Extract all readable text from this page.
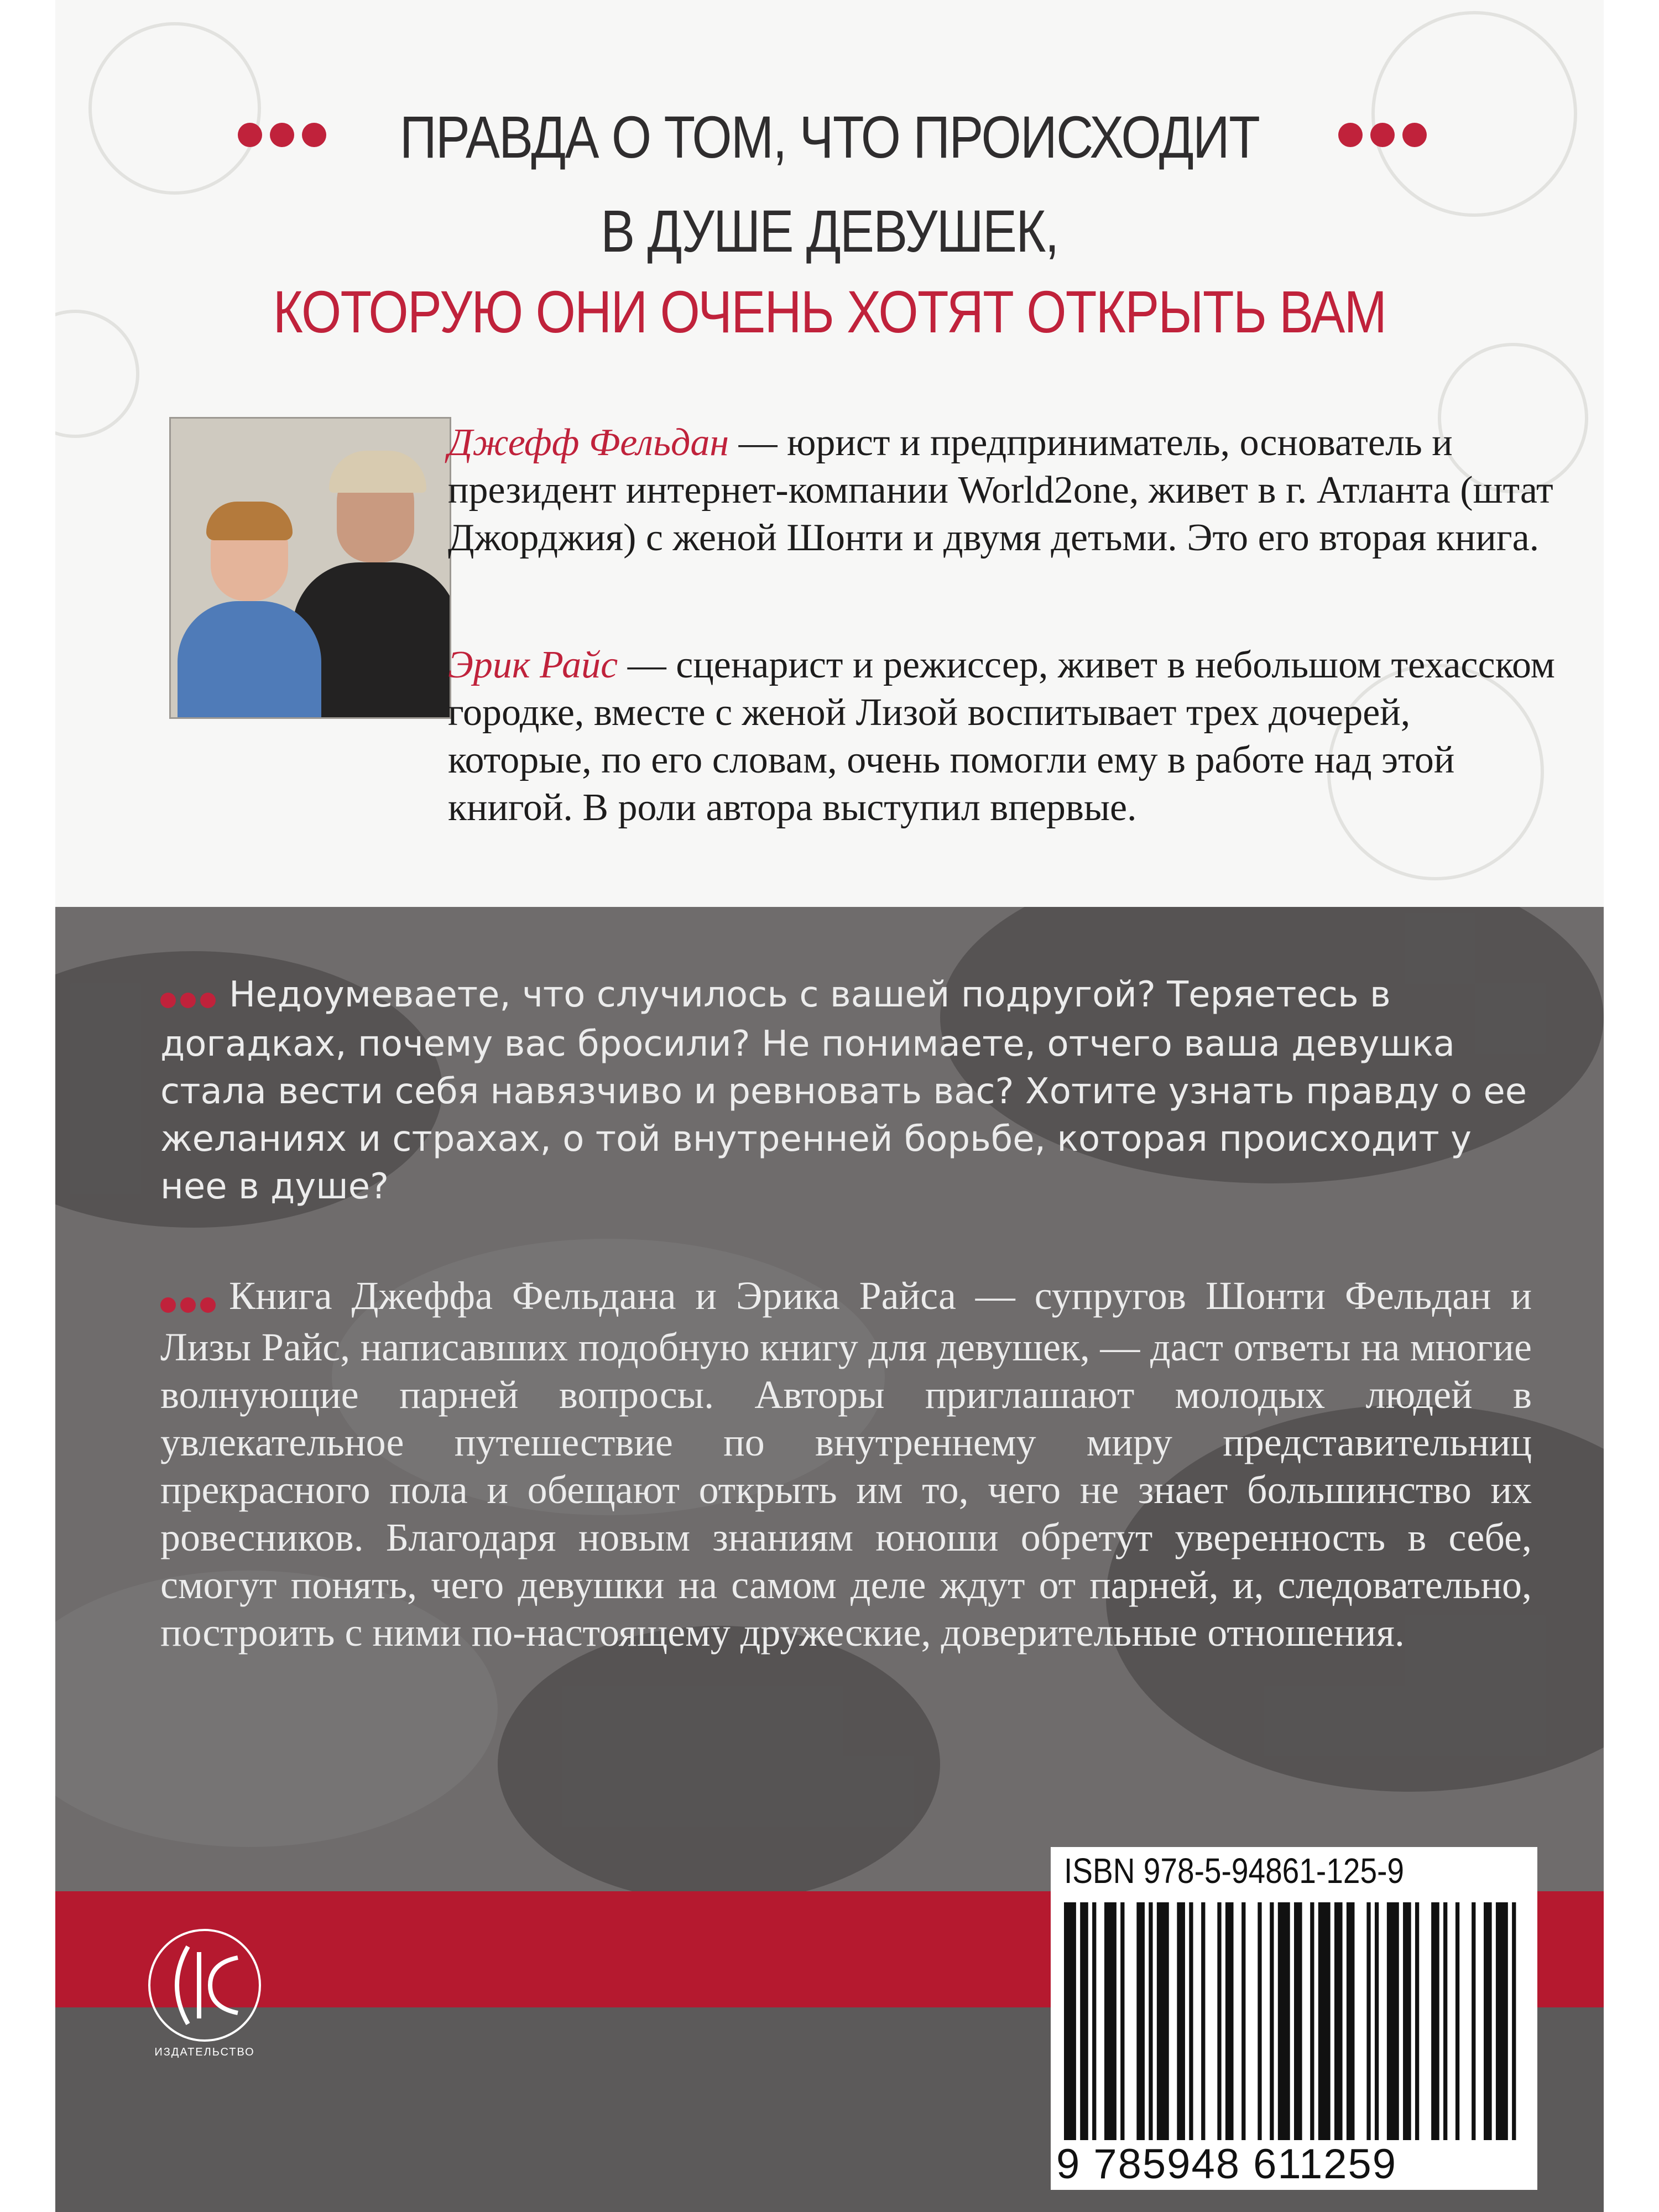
ПРАВДА О ТОМ, ЧТО ПРОИСХОДИТ
В ДУШЕ ДЕВУШЕК,
КОТОРУЮ ОНИ ОЧЕНЬ ХОТЯТ ОТКРЫТЬ ВАМ
Джефф Фельдан — юрист и предприниматель, основатель и президент интернет-компании World2one, живет в г. Атланта (штат Джорджия) с женой Шонти и двумя детьми. Это его вторая книга.
Эрик Райс — сценарист и режиссер, живет в небольшом техасском городке, вместе с женой Лизой воспитывает трех дочерей, которые, по его словам, очень помогли ему в работе над этой книгой. В роли автора выступил впервые.
Недоумеваете, что случилось с вашей подругой? Теряетесь в догадках, почему вас бросили? Не понимаете, отчего ваша девушка стала вести себя навязчиво и ревновать вас? Хотите узнать правду о ее желаниях и страхах, о той внутренней борьбе, которая происходит у нее в душе?
Книга Джеффа Фельдана и Эрика Райса — супругов Шонти Фельдан и Лизы Райс, написавших подобную книгу для девушек, — даст ответы на многие волнующие парней вопросы. Авторы приглашают молодых людей в увлекательное путешествие по внутреннему миру представительниц прекрасного пола и обещают открыть им то, чего не знает большинство их ровесников. Благодаря новым знаниям юноши обретут уверенность в себе, смогут понять, чего девушки на самом деле ждут от парней, и, следовательно, построить с ними по-настоящему дружеские, доверительные отношения.
ИЗДАТЕЛЬСТВО
ISBN 978-5-94861-125-9
9 785948 611259
